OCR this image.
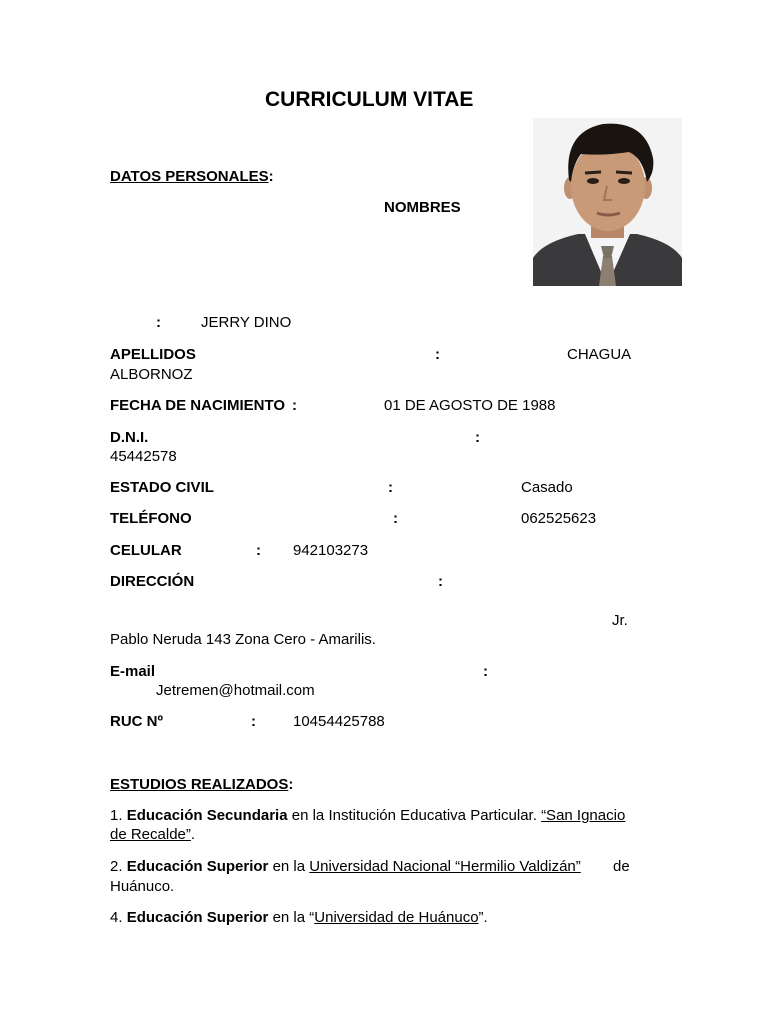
CURRICULUM VITAE
DATOS PERSONALES:
NOMBRES
:	JERRY DINO
APELLIDOS	:	CHAGUA
ALBORNOZ
FECHA DE NACIMIENTO :	01 DE AGOSTO DE 1988
D.N.I.	:
45442578
ESTADO CIVIL	:	Casado
TELÉFONO	:	062525623
CELULAR	: 942103273
DIRECCIÓN	:
Jr.
Pablo Neruda 143 Zona Cero - Amarilis.
E-mail	:
Jetremen@hotmail.com
RUC Nº	: 10454425788
ESTUDIOS REALIZADOS:
1. Educación Secundaria en la Institución Educativa Particular. “San Ignacio
de Recalde”.
2. Educación Superior en la Universidad Nacional “Hermilio Valdizán” de
Huánuco.
4. Educación Superior en la “Universidad de Huánuco”.
